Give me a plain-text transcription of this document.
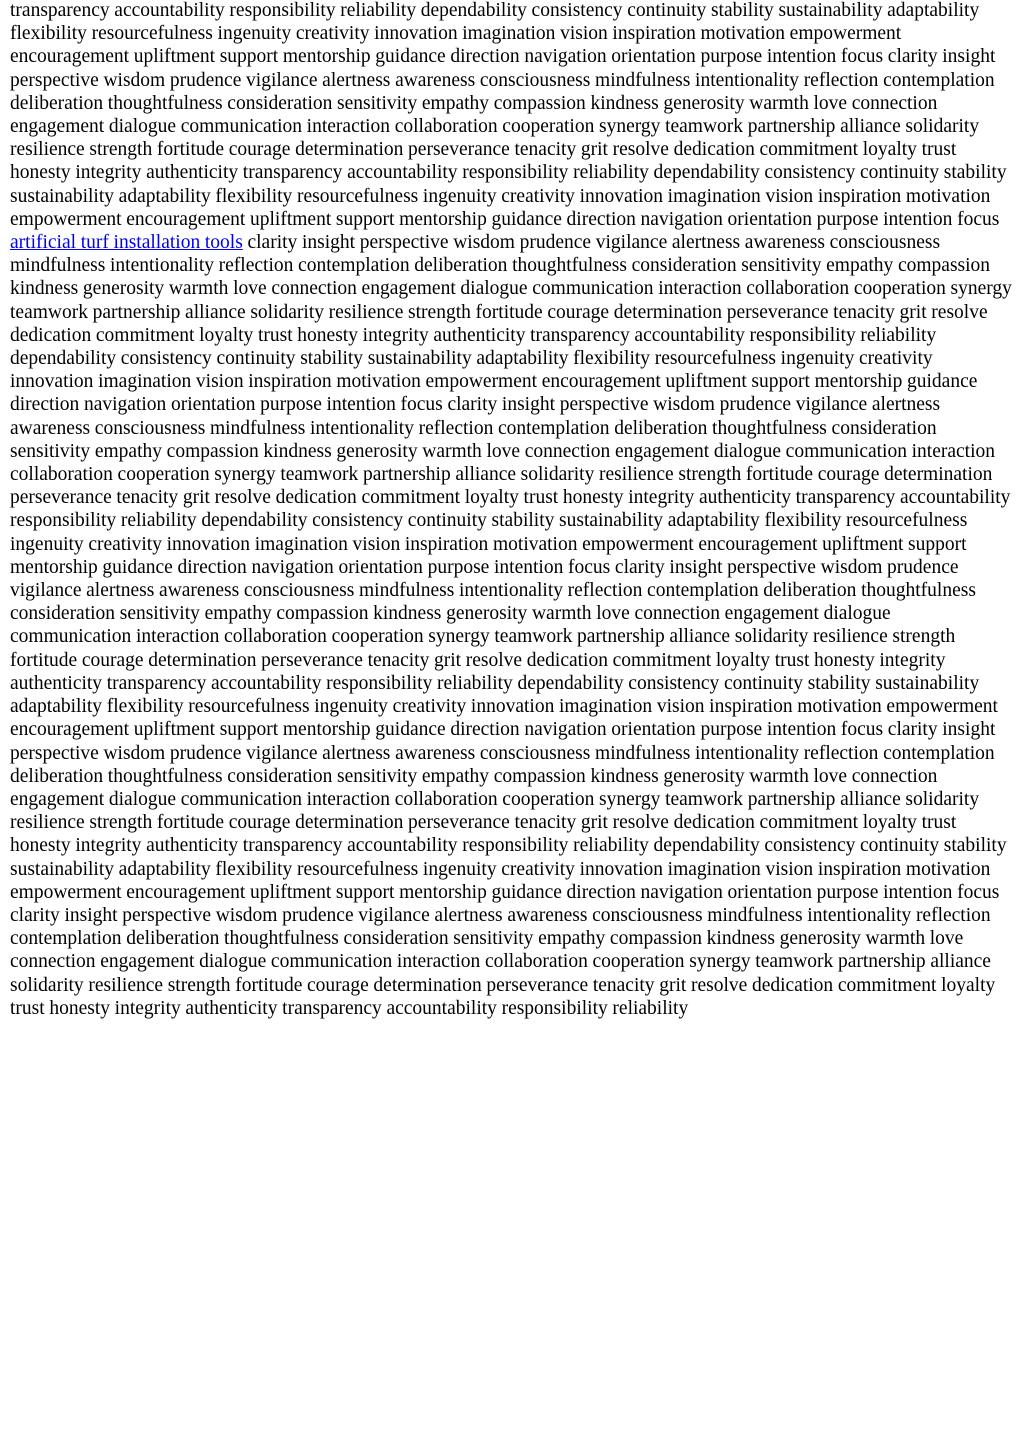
transparency accountability responsibility reliability dependability consistency continuity stability sustainability adaptability flexibility resourcefulness ingenuity creativity innovation imagination vision inspiration motivation empowerment encouragement upliftment support mentorship guidance direction navigation orientation purpose intention focus clarity insight perspective wisdom prudence vigilance alertness awareness consciousness mindfulness intentionality reflection contemplation deliberation thoughtfulness consideration sensitivity empathy compassion kindness generosity warmth love connection engagement dialogue communication interaction collaboration cooperation synergy teamwork partnership alliance solidarity resilience strength fortitude courage determination perseverance tenacity grit resolve dedication commitment loyalty trust honesty integrity authenticity transparency accountability responsibility reliability dependability consistency continuity stability sustainability adaptability flexibility resourcefulness ingenuity creativity innovation imagination vision inspiration motivation empowerment encouragement upliftment support mentorship guidance direction navigation orientation purpose intention focus artificial turf installation tools clarity insight perspective wisdom prudence vigilance alertness awareness consciousness mindfulness intentionality reflection contemplation deliberation thoughtfulness consideration sensitivity empathy compassion kindness generosity warmth love connection engagement dialogue communication interaction collaboration cooperation synergy teamwork partnership alliance solidarity resilience strength fortitude courage determination perseverance tenacity grit resolve dedication commitment loyalty trust honesty integrity authenticity transparency accountability responsibility reliability dependability consistency continuity stability sustainability adaptability flexibility resourcefulness ingenuity creativity innovation imagination vision inspiration motivation empowerment encouragement upliftment support mentorship guidance direction navigation orientation purpose intention focus clarity insight perspective wisdom prudence vigilance alertness awareness consciousness mindfulness intentionality reflection contemplation deliberation thoughtfulness consideration sensitivity empathy compassion kindness generosity warmth love connection engagement dialogue communication interaction collaboration cooperation synergy teamwork partnership alliance solidarity resilience strength fortitude courage determination perseverance tenacity grit resolve dedication commitment loyalty trust honesty integrity authenticity transparency accountability responsibility reliability dependability consistency continuity stability sustainability adaptability flexibility resourcefulness ingenuity creativity innovation imagination vision inspiration motivation empowerment encouragement upliftment support mentorship guidance direction navigation orientation purpose intention focus clarity insight perspective wisdom prudence vigilance alertness awareness consciousness mindfulness intentionality reflection contemplation deliberation thoughtfulness consideration sensitivity empathy compassion kindness generosity warmth love connection engagement dialogue communication interaction collaboration cooperation synergy teamwork partnership alliance solidarity resilience strength fortitude courage determination perseverance tenacity grit resolve dedication commitment loyalty trust honesty integrity authenticity transparency accountability responsibility reliability dependability consistency continuity stability sustainability adaptability flexibility resourcefulness ingenuity creativity innovation imagination vision inspiration motivation empowerment encouragement upliftment support mentorship guidance direction navigation orientation purpose intention focus clarity insight perspective wisdom prudence vigilance alertness awareness consciousness mindfulness intentionality reflection contemplation deliberation thoughtfulness consideration sensitivity empathy compassion kindness generosity warmth love connection engagement dialogue communication interaction collaboration cooperation synergy teamwork partnership alliance solidarity resilience strength fortitude courage determination perseverance tenacity grit resolve dedication commitment loyalty trust honesty integrity authenticity transparency accountability responsibility reliability dependability consistency continuity stability sustainability adaptability flexibility resourcefulness ingenuity creativity innovation imagination vision inspiration motivation empowerment encouragement upliftment support mentorship guidance direction navigation orientation purpose intention focus clarity insight perspective wisdom prudence vigilance alertness awareness consciousness mindfulness intentionality reflection contemplation deliberation thoughtfulness consideration sensitivity empathy compassion kindness generosity warmth love connection engagement dialogue communication interaction collaboration cooperation synergy teamwork partnership alliance solidarity resilience strength fortitude courage determination perseverance tenacity grit resolve dedication commitment loyalty trust honesty integrity authenticity transparency accountability responsibility reliability
